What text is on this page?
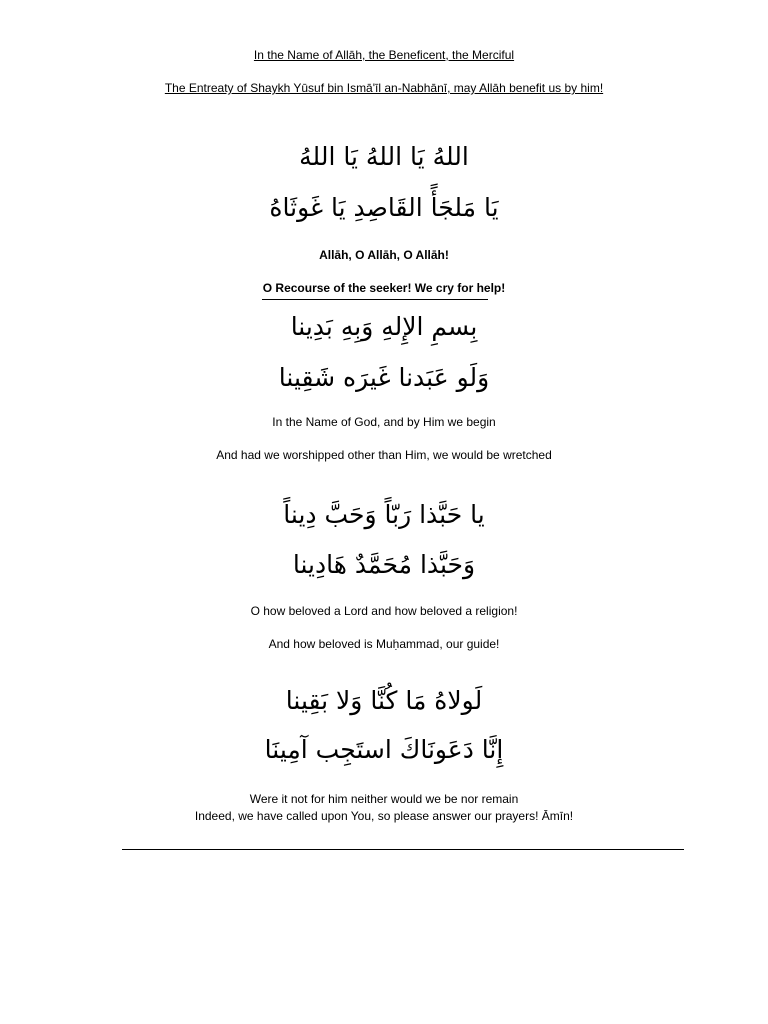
In the Name of Allāh, the Beneficent, the Merciful
The Entreaty of Shaykh Yūsuf bin Ismā'īl an-Nabhānī, may Allāh benefit us by him!
اللهُ يَا اللهُ يَا اللهُ
يَا مَلجَأً القَاصِدِ يَا غَوثَاهُ
Allāh, O Allāh, O Allāh!
O Recourse of the seeker! We cry for help!
بِسمِ الإِلهِ وَبِهِ بَدِينا
وَلَو عَبَدنا غَيرَه شَقِينا
In the Name of God, and by Him we begin
And had we worshipped other than Him, we would be wretched
يا حَبَّذا رَبّاً وَحَبَّ دِيناً
وَحَبَّذا مُحَمَّدٌ هَادِينا
O how beloved a Lord and how beloved a religion!
And how beloved is Muḥammad, our guide!
لَولاهُ مَا كُنَّا وَلا بَقِينا
إِنَّا دَعَونَاكَ استَجِب آمِينَا
Were it not for him neither would we be nor remain
Indeed, we have called upon You, so please answer our prayers! Āmīn!
